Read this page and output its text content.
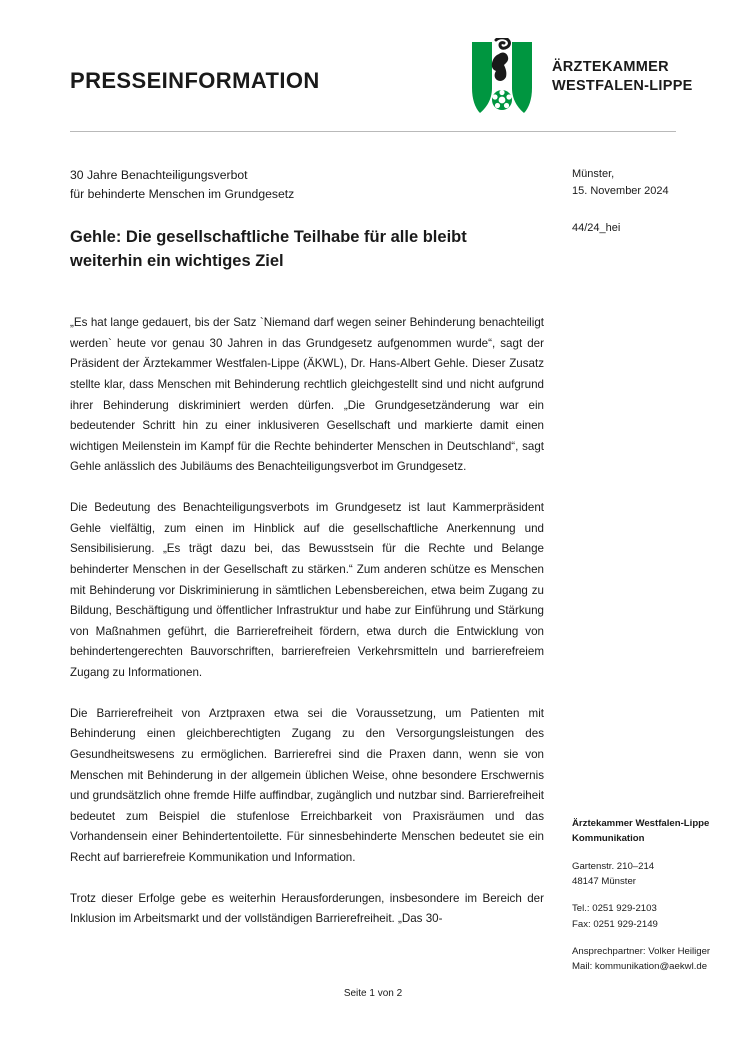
PRESSEINFORMATION
ÄRZTEKAMMER
WESTFALEN-LIPPE
30 Jahre Benachteiligungsverbot
für behinderte Menschen im Grundgesetz
Münster,
15. November 2024
44/24_hei
Gehle: Die gesellschaftliche Teilhabe für alle bleibt weiterhin ein wichtiges Ziel

„Es hat lange gedauert, bis der Satz `Niemand darf wegen seiner Behinderung benachteiligt werden` heute vor genau 30 Jahren in das Grundgesetz aufgenommen wurde“, sagt der Präsident der Ärztekammer Westfalen-Lippe (ÄKWL), Dr. Hans-Albert Gehle. Dieser Zusatz stellte klar, dass Menschen mit Behinderung rechtlich gleichgestellt sind und nicht aufgrund ihrer Behinderung diskriminiert werden dürfen. „Die Grundgesetzänderung war ein bedeutender Schritt hin zu einer inklusiveren Gesellschaft und markierte damit einen wichtigen Meilenstein im Kampf für die Rechte behinderter Menschen in Deutschland“, sagt Gehle anlässlich des Jubiläums des Benachteiligungsverbot im Grundgesetz.

Die Bedeutung des Benachteiligungsverbots im Grundgesetz ist laut Kammerpräsident Gehle vielfältig, zum einen im Hinblick auf die gesellschaftliche Anerkennung und Sensibilisierung. „Es trägt dazu bei, das Bewusstsein für die Rechte und Belange behinderter Menschen in der Gesellschaft zu stärken.“ Zum anderen schütze es Menschen mit Behinderung vor Diskriminierung in sämtlichen Lebensbereichen, etwa beim Zugang zu Bildung, Beschäftigung und öffentlicher Infrastruktur und habe zur Einführung und Stärkung von Maßnahmen geführt, die Barrierefreiheit fördern, etwa durch die Entwicklung von behindertengerechten Bauvorschriften, barrierefreien Verkehrsmitteln und barrierefreiem Zugang zu Informationen.

Die Barrierefreiheit von Arztpraxen etwa sei die Voraussetzung, um Patienten mit Behinderung einen gleichberechtigten Zugang zu den Versorgungsleistungen des Gesundheitswesens zu ermöglichen. Barrierefrei sind die Praxen dann, wenn sie von Menschen mit Behinderung in der allgemein üblichen Weise, ohne besondere Erschwernis und grundsätzlich ohne fremde Hilfe auffindbar, zugänglich und nutzbar sind. Barrierefreiheit bedeutet zum Beispiel die stufenlose Erreichbarkeit von Praxisräumen und das Vorhandensein einer Behindertentoilette. Für sinnesbehinderte Menschen bedeutet sie ein Recht auf barrierefreie Kommunikation und Information.

Trotz dieser Erfolge gebe es weiterhin Herausforderungen, insbesondere im Bereich der Inklusion im Arbeitsmarkt und der vollständigen Barrierefreiheit. „Das 30-

Ärztekammer Westfalen-Lippe
Kommunikation
Gartenstr. 210–214
48147 Münster
Tel.: 0251 929-2103
Fax: 0251 929-2149
Ansprechpartner: Volker Heiliger
Mail: kommunikation@aekwl.de
Seite 1 von 2
